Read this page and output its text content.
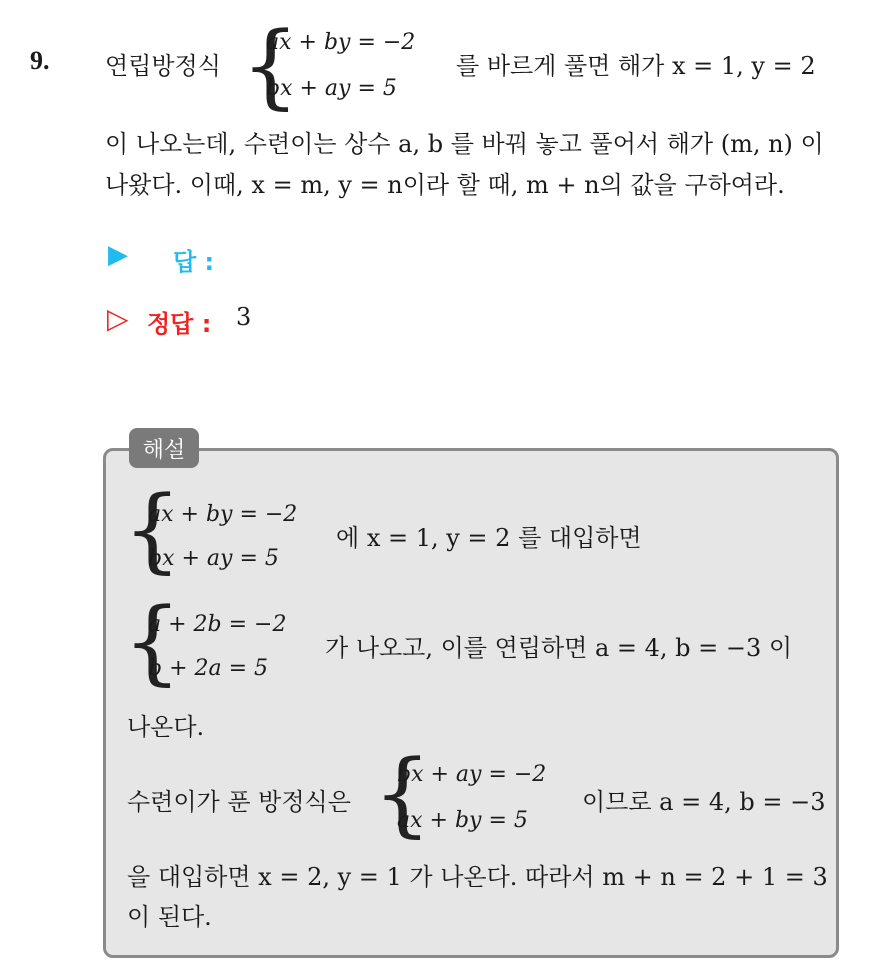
9. 연립방정식 {
ax + by = −2
bx + ay = 5
를 바르게 풀면 해가 x = 1, y = 2
이 나오는데, 수련이는 상수 a, b 를 바꿔 놓고 풀어서 해가 (m, n) 이
나왔다. 이때, x = m, y = n이라 할 때, m + n의 값을 구하여라.
▶ 답 :
▷ 정답 : 3
해설
{
ax + by = −2
bx + ay = 5
에 x = 1, y = 2 를 대입하면
{
a + 2b = −2
b + 2a = 5
가 나오고, 이를 연립하면 a = 4, b = −3 이
나온다.
수련이가 푼 방정식은 {
bx + ay = −2
ax + by = 5
이므로 a = 4, b = −3
을 대입하면 x = 2, y = 1 가 나온다. 따라서 m + n = 2 + 1 = 3
이 된다.
